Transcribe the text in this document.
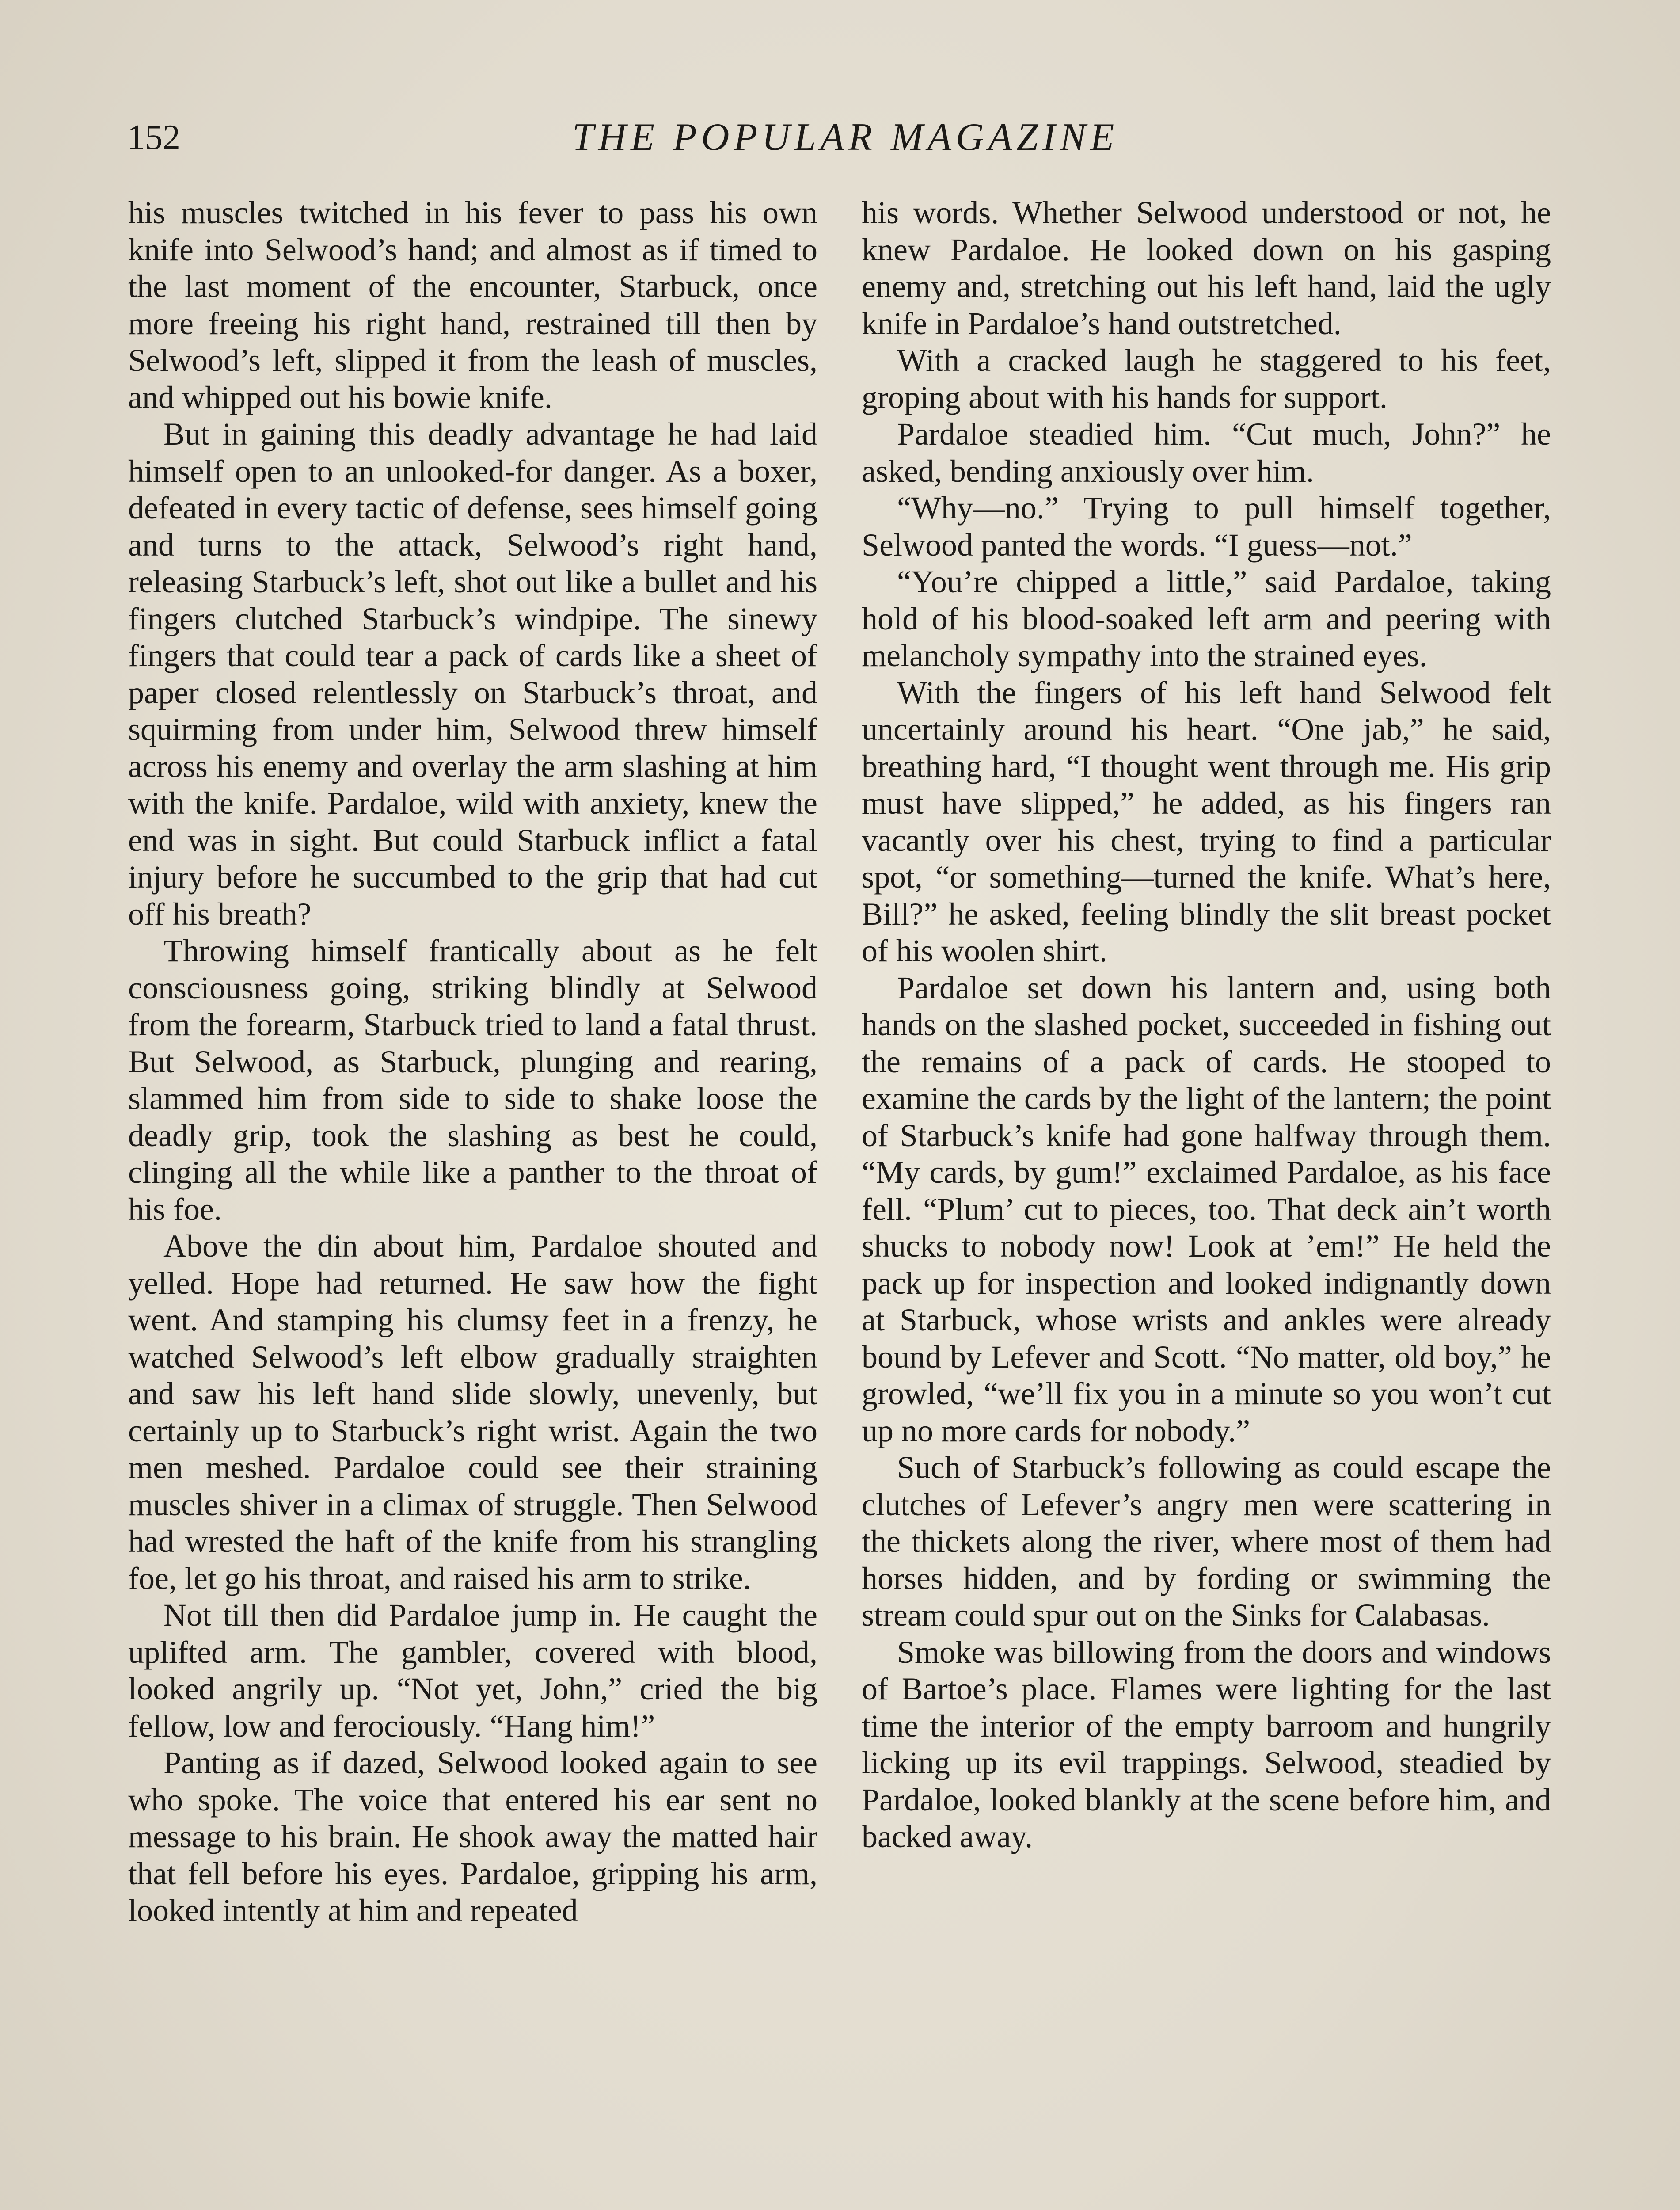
152	THE POPULAR MAGAZINE

his muscles twitched in his fever to pass his own knife into Selwood’s hand; and almost as if timed to the last moment of the encounter, Starbuck, once more freeing his right hand, restrained till then by Selwood’s left, slipped it from the leash of muscles, and whipped out his bowie knife.

But in gaining this deadly advantage he had laid himself open to an unlooked-for danger. As a boxer, defeated in every tactic of defense, sees himself going and turns to the attack, Selwood’s right hand, releasing Starbuck’s left, shot out like a bullet and his fingers clutched Starbuck’s windpipe. The sinewy fingers that could tear a pack of cards like a sheet of paper closed relentlessly on Starbuck’s throat, and squirming from under him, Selwood threw himself across his enemy and overlay the arm slashing at him with the knife. Pardaloe, wild with anxiety, knew the end was in sight. But could Starbuck inflict a fatal injury before he succumbed to the grip that had cut off his breath?

Throwing himself frantically about as he felt consciousness going, striking blindly at Selwood from the forearm, Starbuck tried to land a fatal thrust. But Selwood, as Starbuck, plunging and rearing, slammed him from side to side to shake loose the deadly grip, took the slashing as best he could, clinging all the while like a panther to the throat of his foe.

Above the din about him, Pardaloe shouted and yelled. Hope had returned. He saw how the fight went. And stamping his clumsy feet in a frenzy, he watched Selwood’s left elbow gradually straighten and saw his left hand slide slowly, unevenly, but certainly up to Starbuck’s right wrist. Again the two men meshed. Pardaloe could see their straining muscles shiver in a climax of struggle. Then Selwood had wrested the haft of the knife from his strangling foe, let go his throat, and raised his arm to strike.

Not till then did Pardaloe jump in. He caught the uplifted arm. The gambler, covered with blood, looked angrily up. “Not yet, John,” cried the big fellow, low and ferociously. “Hang him!”

Panting as if dazed, Selwood looked again to see who spoke. The voice that entered his ear sent no message to his brain. He shook away the matted hair that fell before his eyes. Pardaloe, gripping his arm, looked intently at him and repeated

his words. Whether Selwood understood or not, he knew Pardaloe. He looked down on his gasping enemy and, stretching out his left hand, laid the ugly knife in Pardaloe’s hand outstretched.

With a cracked laugh he staggered to his feet, groping about with his hands for support.

Pardaloe steadied him. “Cut much, John?” he asked, bending anxiously over him.

“Why—no.” Trying to pull himself together, Selwood panted the words. “I guess—not.”

“You’re chipped a little,” said Pardaloe, taking hold of his blood-soaked left arm and peering with melancholy sympathy into the strained eyes.

With the fingers of his left hand Selwood felt uncertainly around his heart. “One jab,” he said, breathing hard, “I thought went through me. His grip must have slipped,” he added, as his fingers ran vacantly over his chest, trying to find a particular spot, “or something—turned the knife. What’s here, Bill?” he asked, feeling blindly the slit breast pocket of his woolen shirt.

Pardaloe set down his lantern and, using both hands on the slashed pocket, succeeded in fishing out the remains of a pack of cards. He stooped to examine the cards by the light of the lantern; the point of Starbuck’s knife had gone halfway through them. “My cards, by gum!” exclaimed Pardaloe, as his face fell. “Plum’ cut to pieces, too. That deck ain’t worth shucks to nobody now! Look at ’em!” He held the pack up for inspection and looked indignantly down at Starbuck, whose wrists and ankles were already bound by Lefever and Scott. “No matter, old boy,” he growled, “we’ll fix you in a minute so you won’t cut up no more cards for nobody.”

Such of Starbuck’s following as could escape the clutches of Lefever’s angry men were scattering in the thickets along the river, where most of them had horses hidden, and by fording or swimming the stream could spur out on the Sinks for Calabasas.

Smoke was billowing from the doors and windows of Bartoe’s place. Flames were lighting for the last time the interior of the empty barroom and hungrily licking up its evil trappings. Selwood, steadied by Pardaloe, looked blankly at the scene before him, and backed away.
